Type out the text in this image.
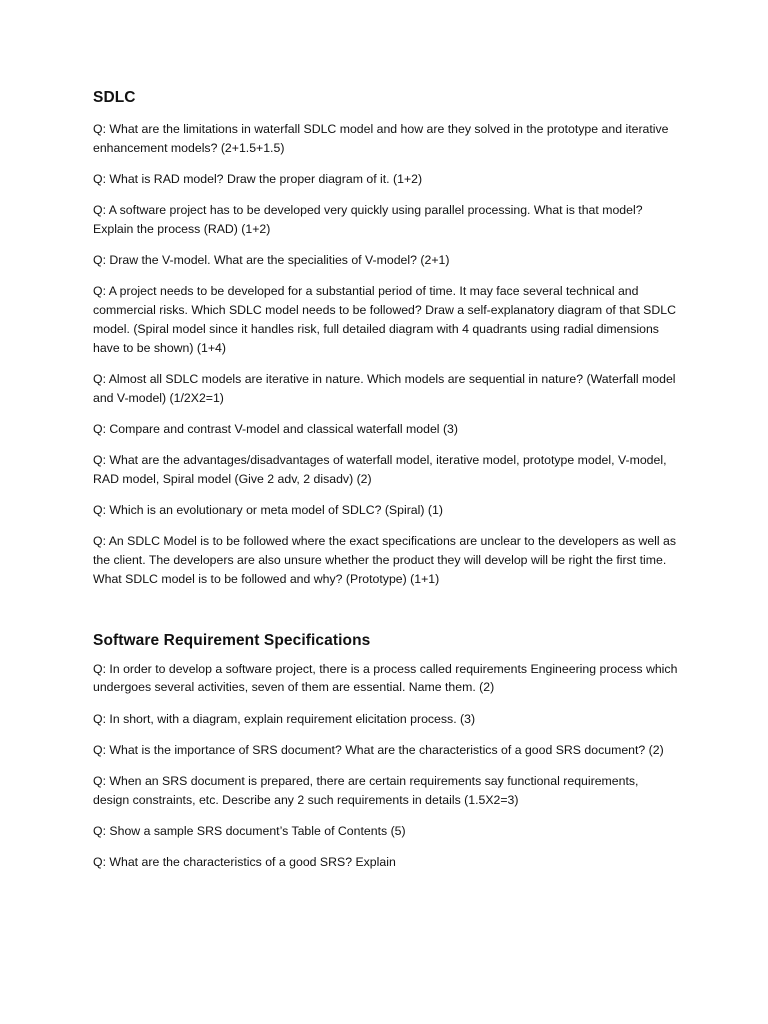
SDLC

Q: What are the limitations in waterfall SDLC model and how are they solved in the prototype and iterative enhancement models? (2+1.5+1.5)

Q: What is RAD model? Draw the proper diagram of it. (1+2)

Q: A software project has to be developed very quickly using parallel processing. What is that model? Explain the process (RAD) (1+2)

Q: Draw the V-model. What are the specialities of V-model? (2+1)

Q: A project needs to be developed for a substantial period of time. It may face several technical and commercial risks. Which SDLC model needs to be followed? Draw a self-explanatory diagram of that SDLC model. (Spiral model since it handles risk, full detailed diagram with 4 quadrants using radial dimensions have to be shown) (1+4)

Q: Almost all SDLC models are iterative in nature. Which models are sequential in nature? (Waterfall model and V-model) (1/2X2=1)

Q: Compare and contrast V-model and classical waterfall model (3)

Q: What are the advantages/disadvantages of waterfall model, iterative model, prototype model, V-model, RAD model, Spiral model (Give 2 adv, 2 disadv) (2)

Q: Which is an evolutionary or meta model of SDLC? (Spiral) (1)

Q: An SDLC Model is to be followed where the exact specifications are unclear to the developers as well as the client. The developers are also unsure whether the product they will develop will be right the first time. What SDLC model is to be followed and why? (Prototype) (1+1)

Software Requirement Specifications

Q: In order to develop a software project, there is a process called requirements Engineering process which undergoes several activities, seven of them are essential. Name them. (2)

Q: In short, with a diagram, explain requirement elicitation process. (3)

Q: What is the importance of SRS document? What are the characteristics of a good SRS document? (2)

Q: When an SRS document is prepared, there are certain requirements say functional requirements, design constraints, etc. Describe any 2 such requirements in details (1.5X2=3)

Q: Show a sample SRS document’s Table of Contents (5)

Q: What are the characteristics of a good SRS? Explain
